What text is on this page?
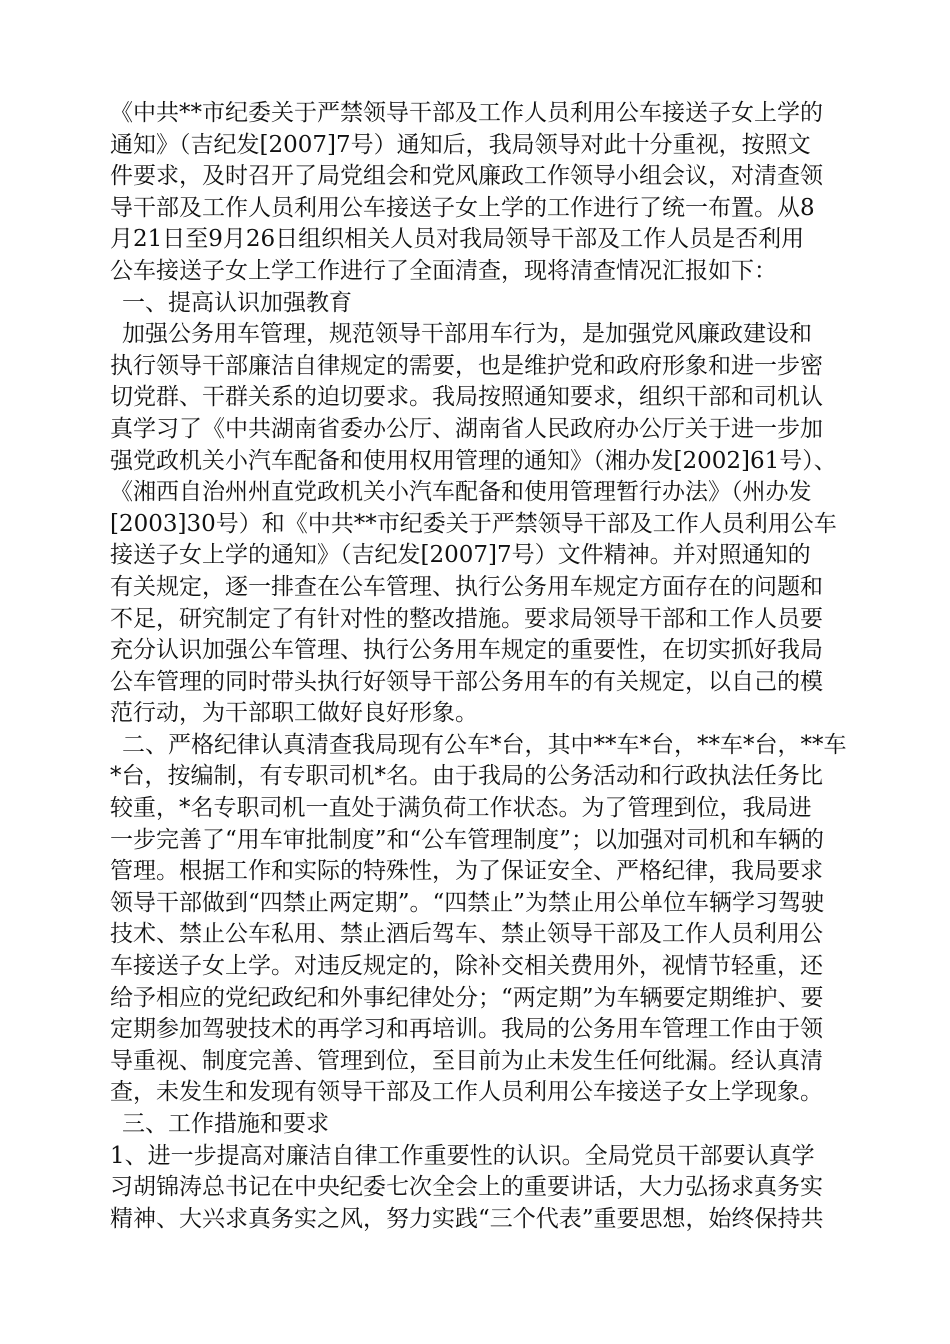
《中共**市纪委关于严禁领导干部及工作人员利用公车接送子女上学的
通知》（吉纪发[2007]7号）通知后，我局领导对此十分重视，按照文
件要求，及时召开了局党组会和党风廉政工作领导小组会议，对清查领
导干部及工作人员利用公车接送子女上学的工作进行了统一布置。从8
月21日至9月26日组织相关人员对我局领导干部及工作人员是否利用
公车接送子女上学工作进行了全面清查，现将清查情况汇报如下：
一、提高认识加强教育
加强公务用车管理，规范领导干部用车行为，是加强党风廉政建设和
执行领导干部廉洁自律规定的需要，也是维护党和政府形象和进一步密
切党群、干群关系的迫切要求。我局按照通知要求，组织干部和司机认
真学习了《中共湖南省委办公厅、湖南省人民政府办公厅关于进一步加
强党政机关小汽车配备和使用权用管理的通知》（湘办发[2002]61号）、
《湘西自治州州直党政机关小汽车配备和使用管理暂行办法》（州办发
[2003]30号）和《中共**市纪委关于严禁领导干部及工作人员利用公车
接送子女上学的通知》（吉纪发[2007]7号）文件精神。并对照通知的
有关规定，逐一排查在公车管理、执行公务用车规定方面存在的问题和
不足，研究制定了有针对性的整改措施。要求局领导干部和工作人员要
充分认识加强公车管理、执行公务用车规定的重要性，在切实抓好我局
公车管理的同时带头执行好领导干部公务用车的有关规定，以自己的模
范行动，为干部职工做好良好形象。
二、严格纪律认真清查我局现有公车*台，其中**车*台，**车*台，**车
*台，按编制，有专职司机*名。由于我局的公务活动和行政执法任务比
较重，*名专职司机一直处于满负荷工作状态。为了管理到位，我局进
一步完善了“用车审批制度”和“公车管理制度”；以加强对司机和车辆的
管理。根据工作和实际的特殊性，为了保证安全、严格纪律，我局要求
领导干部做到“四禁止两定期”。“四禁止”为禁止用公单位车辆学习驾驶
技术、禁止公车私用、禁止酒后驾车、禁止领导干部及工作人员利用公
车接送子女上学。对违反规定的，除补交相关费用外，视情节轻重，还
给予相应的党纪政纪和外事纪律处分；“两定期”为车辆要定期维护、要
定期参加驾驶技术的再学习和再培训。我局的公务用车管理工作由于领
导重视、制度完善、管理到位，至目前为止未发生任何纰漏。经认真清
查，未发生和发现有领导干部及工作人员利用公车接送子女上学现象。
三、工作措施和要求
1、进一步提高对廉洁自律工作重要性的认识。全局党员干部要认真学
习胡锦涛总书记在中央纪委七次全会上的重要讲话，大力弘扬求真务实
精神、大兴求真务实之风，努力实践“三个代表”重要思想，始终保持共
